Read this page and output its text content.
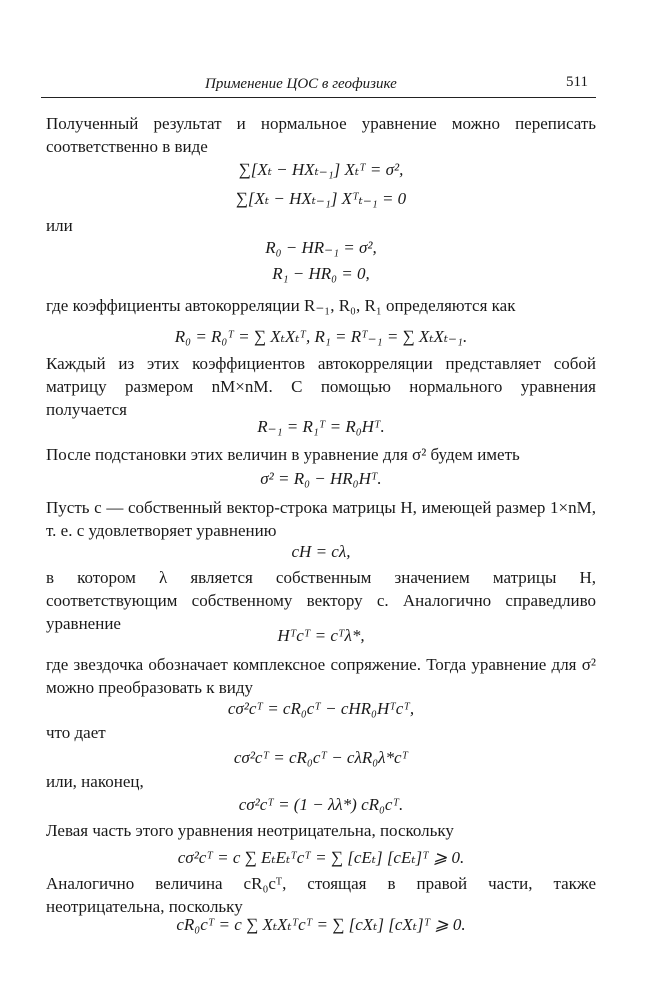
Применение ЦОС в геофизике	511

Полученный результат и нормальное уравнение можно переписать соответственно в виде

∑[Xₜ − HXₜ₋₁] Xₜᵀ = σ²,
∑[Xₜ − HXₜ₋₁] Xᵀₜ₋₁ = 0

или

R₀ − HR₋₁ = σ²,
R₁ − HR₀ = 0,

где коэффициенты автокорреляции R₋₁, R₀, R₁ определяются как

R₀ = R₀ᵀ = ∑ XₜXₜᵀ, R₁ = Rᵀ₋₁ = ∑ XₜXₜ₋₁.

Каждый из этих коэффициентов автокорреляции представляет собой матрицу размером nM×nM. С помощью нормального уравнения получается

R₋₁ = R₁ᵀ = R₀Hᵀ.

После подстановки этих величин в уравнение для σ² будем иметь

σ² = R₀ − HR₀Hᵀ.

Пусть c — собственный вектор-строка матрицы H, имеющей размер 1×nM, т. е. c удовлетворяет уравнению

cH = cλ,

в котором λ является собственным значением матрицы H, соответствующим собственному вектору c. Аналогично справедливо уравнение

Hᵀcᵀ = cᵀλ*,

где звездочка обозначает комплексное сопряжение. Тогда уравнение для σ² можно преобразовать к виду

cσ²cᵀ = cR₀cᵀ − cHR₀Hᵀcᵀ,

что дает

cσ²cᵀ = cR₀cᵀ − cλR₀λ*cᵀ

или, наконец,

cσ²cᵀ = (1 − λλ*) cR₀cᵀ.

Левая часть этого уравнения неотрицательна, поскольку

cσ²cᵀ = c ∑ EₜEₜᵀcᵀ = ∑ [cEₜ] [cEₜ]ᵀ ⩾ 0.

Аналогично величина cR₀cᵀ, стоящая в правой части, также неотрицательна, поскольку

cR₀cᵀ = c ∑ XₜXₜᵀcᵀ = ∑ [cXₜ] [cXₜ]ᵀ ⩾ 0.
